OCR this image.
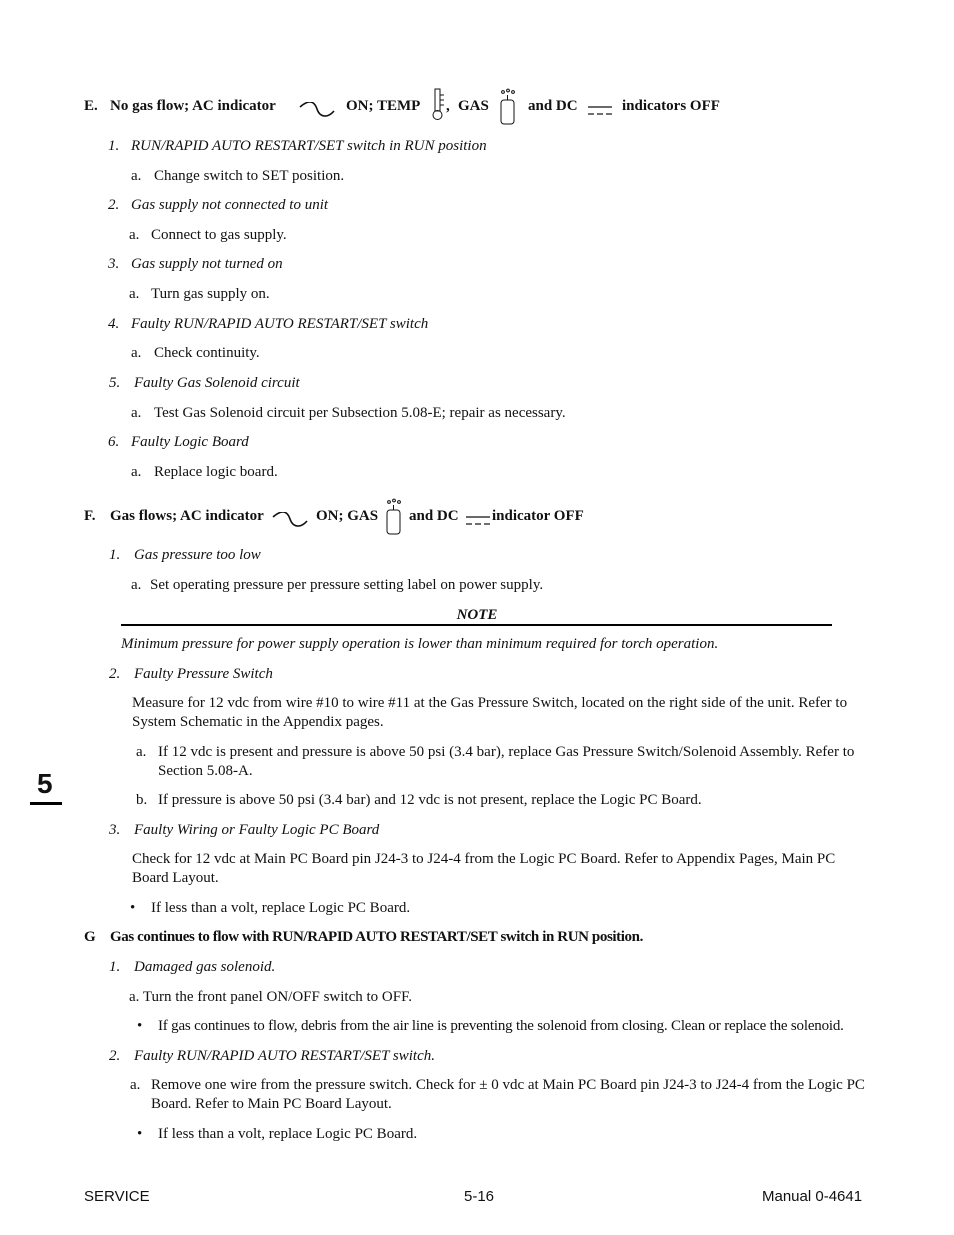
E. No gas flow; AC indicator	ON; TEMP , GAS	and DC	indicators OFF
1. RUN/RAPID AUTO RESTART/SET switch in RUN position
a. Change switch to SET position.
2. Gas supply not connected to unit
a. Connect to gas supply.
3. Gas supply not turned on
a. Turn gas supply on.
4. Faulty RUN/RAPID AUTO RESTART/SET switch
a. Check continuity.
5. Faulty Gas Solenoid circuit
a. Test Gas Solenoid circuit per Subsection 5.08-E; repair as necessary.
6. Faulty Logic Board
a. Replace logic board.
F. Gas flows; AC indicator	ON; GAS and DC indicator OFF
1. Gas pressure too low
a. Set operating pressure per pressure setting label on power supply.
NOTE
Minimum pressure for power supply operation is lower than minimum required for torch operation.
2. Faulty Pressure Switch
Measure for 12 vdc from wire #10 to wire #11 at the Gas Pressure Switch, located on the right side of the unit. Refer to System Schematic in the Appendix pages.
a. If 12 vdc is present and pressure is above 50 psi (3.4 bar), replace Gas Pressure Switch/Solenoid Assembly. Refer to Section 5.08-A.
b. If pressure is above 50 psi (3.4 bar) and 12 vdc is not present, replace the Logic PC Board.
3. Faulty Wiring or Faulty Logic PC Board
Check for 12 vdc at Main PC Board pin J24-3 to J24-4 from the Logic PC Board. Refer to Appendix Pages, Main PC Board Layout.
• If less than a volt, replace Logic PC Board.
G Gas continues to flow with RUN/RAPID AUTO RESTART/SET switch in RUN position.
1. Damaged gas solenoid.
a. Turn the front panel ON/OFF switch to OFF.
• If gas continues to flow, debris from the air line is preventing the solenoid from closing. Clean or replace the solenoid.
2. Faulty RUN/RAPID AUTO RESTART/SET switch.
a. Remove one wire from the pressure switch. Check for ± 0 vdc at Main PC Board pin J24-3 to J24-4 from the Logic PC Board. Refer to Main PC Board Layout.
• If less than a volt, replace Logic PC Board.
5
SERVICE	5-16	Manual 0-4641
